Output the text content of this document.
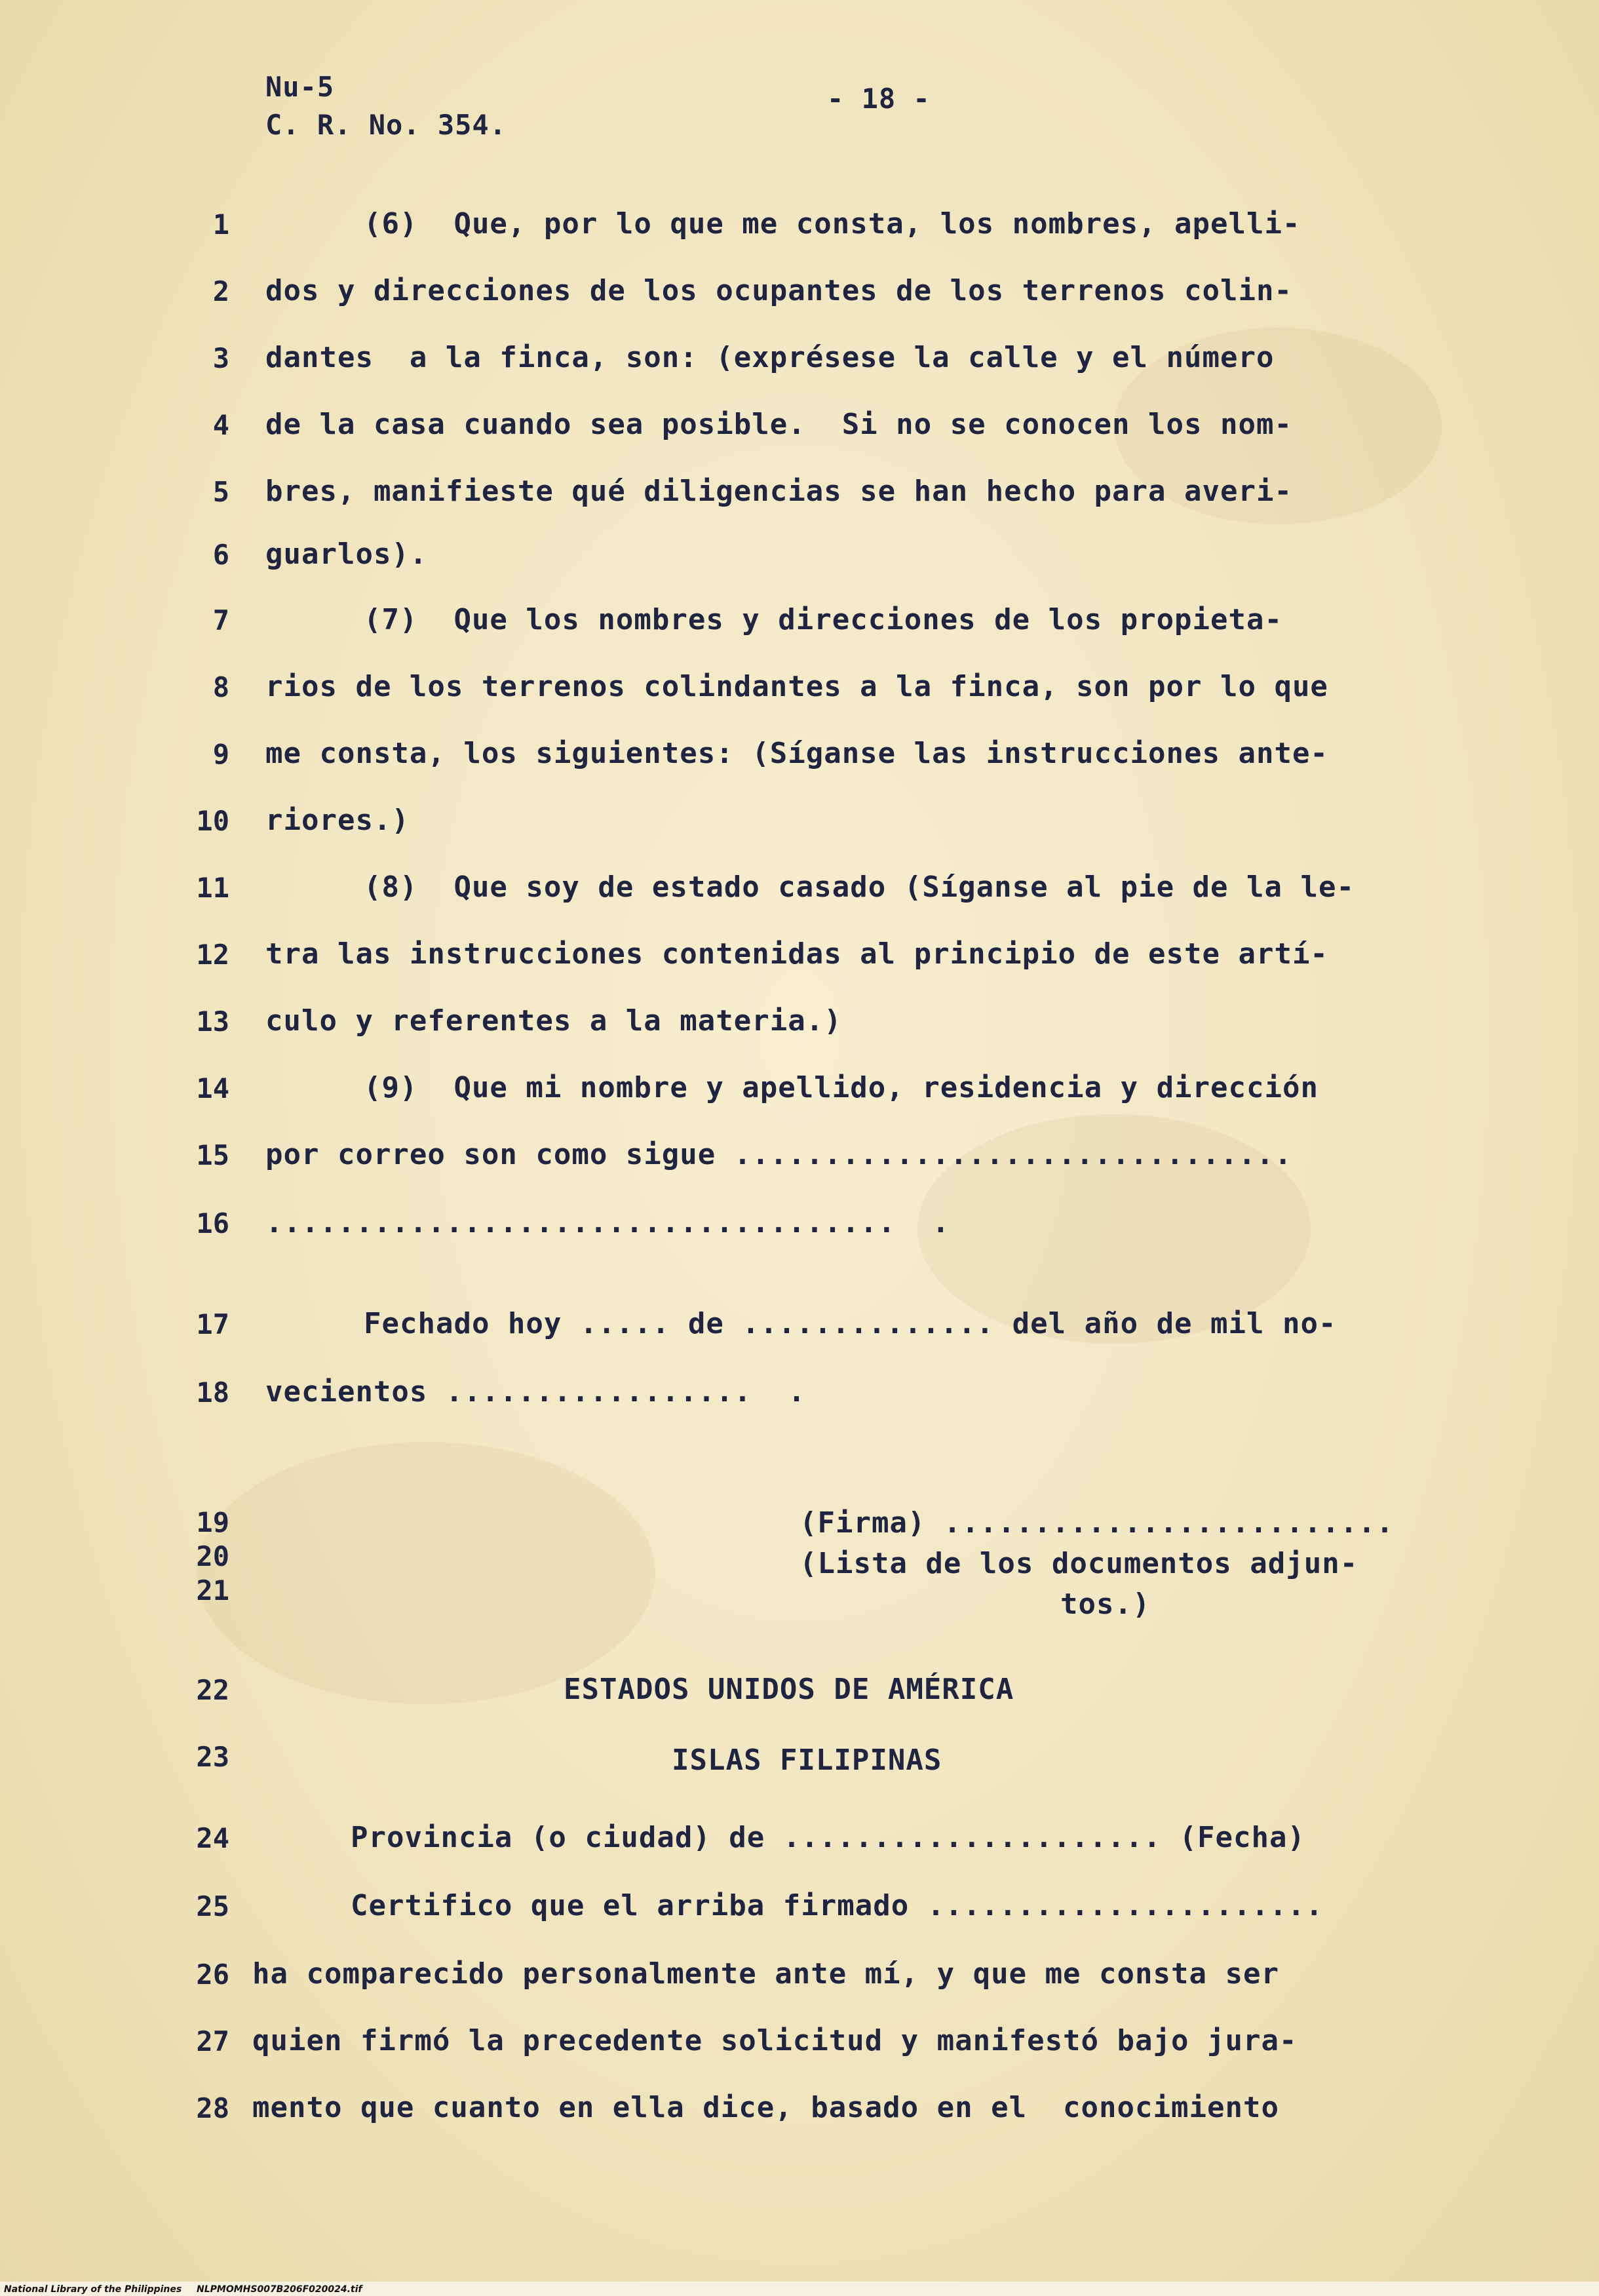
Nu-5
C. R. No. 354.
- 18 -
1
2
3
4
5
6
7
8
9
10
11
12
13
14
15
16
17
18
19
20
21
22
23
24
25
26
27
28
(6)  Que, por lo que me consta, los nombres, apelli-
dos y direcciones de los ocupantes de los terrenos colin-
dantes  a la finca, son: (exprésese la calle y el número
de la casa cuando sea posible.  Si no se conocen los nom-
bres, manifieste qué diligencias se han hecho para averi-
guarlos).
(7)  Que los nombres y direcciones de los propieta-
rios de los terrenos colindantes a la finca, son por lo que
me consta, los siguientes: (Síganse las instrucciones ante-
riores.)
(8)  Que soy de estado casado (Síganse al pie de la le-
tra las instrucciones contenidas al principio de este artí-
culo y referentes a la materia.)
(9)  Que mi nombre y apellido, residencia y dirección
por correo son como sigue ...............................
...................................  .
Fechado hoy ..... de .............. del año de mil no-
vecientos .................  .
(Firma) .........................
(Lista de los documentos adjun-
tos.)
ESTADOS UNIDOS DE AMÉRICA
ISLAS FILIPINAS
Provincia (o ciudad) de ..................... (Fecha)
Certifico que el arriba firmado ......................
ha comparecido personalmente ante mí, y que me consta ser
quien firmó la precedente solicitud y manifestó bajo jura-
mento que cuanto en ella dice, basado en el  conocimiento
National Library of the Philippines NLPMOMHS007B206F020024.tif
